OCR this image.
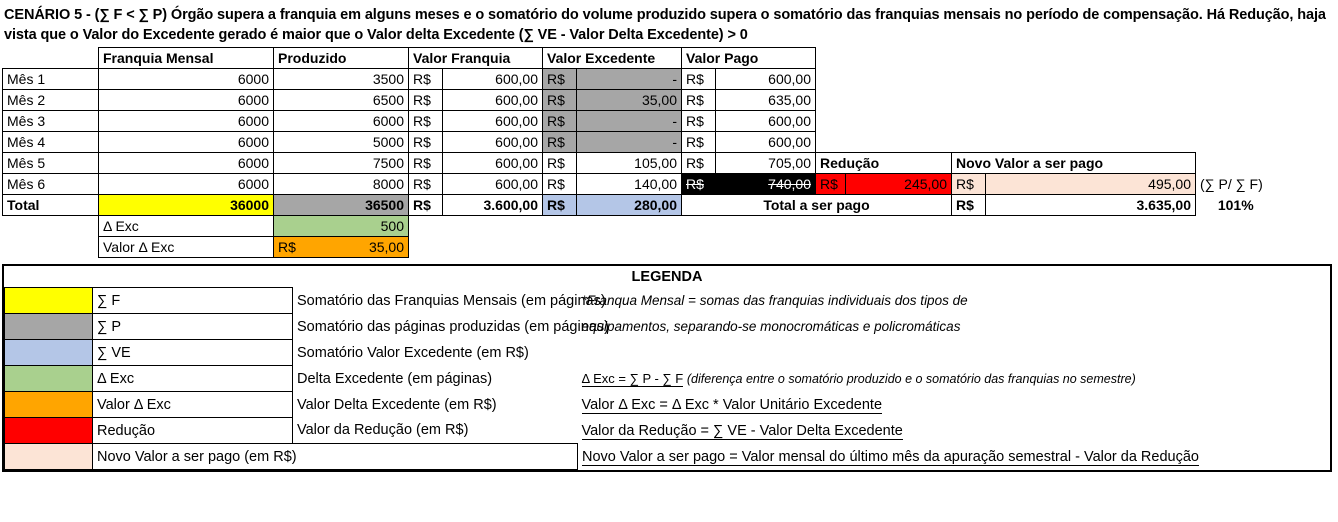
CENÁRIO 5 - (∑ F < ∑ P) Órgão supera a franquia em alguns meses e o somatório do volume produzido supera o somatório das franquias mensais no período de compensação. Há Redução, haja vista que o Valor do Excedente gerado é maior que o Valor delta Excedente (∑ VE - Valor Delta Excedente) > 0
	Franquia Mensal	Produzido	Valor Franquia	Valor Excedente	Valor Pago						
Mês 1	6000	3500	R$	600,00	R$	-	R$	600,00						
Mês 2	6000	6500	R$	600,00	R$	35,00	R$	635,00						
Mês 3	6000	6000	R$	600,00	R$	-	R$	600,00						
Mês 4	6000	5000	R$	600,00	R$	-	R$	600,00						
Mês 5	6000	7500	R$	600,00	R$	105,00	R$	705,00	Redução	Novo Valor a ser pago	
Mês 6	6000	8000	R$	600,00	R$	140,00	R$	740,00	R$	245,00	R$	495,00	(∑ P/ ∑ F)
Total	36000	36500	R$	3.600,00	R$	280,00	Total a ser pago	R$	3.635,00	101%
	Δ Exc	500												
	Valor Δ Exc		R$	35,00

LEGENDA
	∑ F	Somatório das Franquias Mensais (em páginas)	*Franqua Mensal = somas das franquias individuais dos tipos de
	∑ P	Somatório das páginas produzidas (em páginas)	equipamentos, separando-se monocromáticas e policromáticas
	∑ VE	Somatório Valor Excedente (em R$)	
	Δ Exc	Delta Excedente (em páginas)	Δ Exc = ∑ P - ∑ F (diferença entre o somatório produzido e o somatório das franquias no semestre)
	Valor Δ Exc	Valor Delta Excedente (em R$)	Valor Δ Exc = Δ Exc * Valor Unitário Excedente
	Redução	Valor da Redução (em R$)	Valor da Redução = ∑ VE - Valor Delta Excedente
	Novo Valor a ser pago (em R$)		Novo Valor a ser pago = Valor mensal do último mês da apuração semestral - Valor da Redução
